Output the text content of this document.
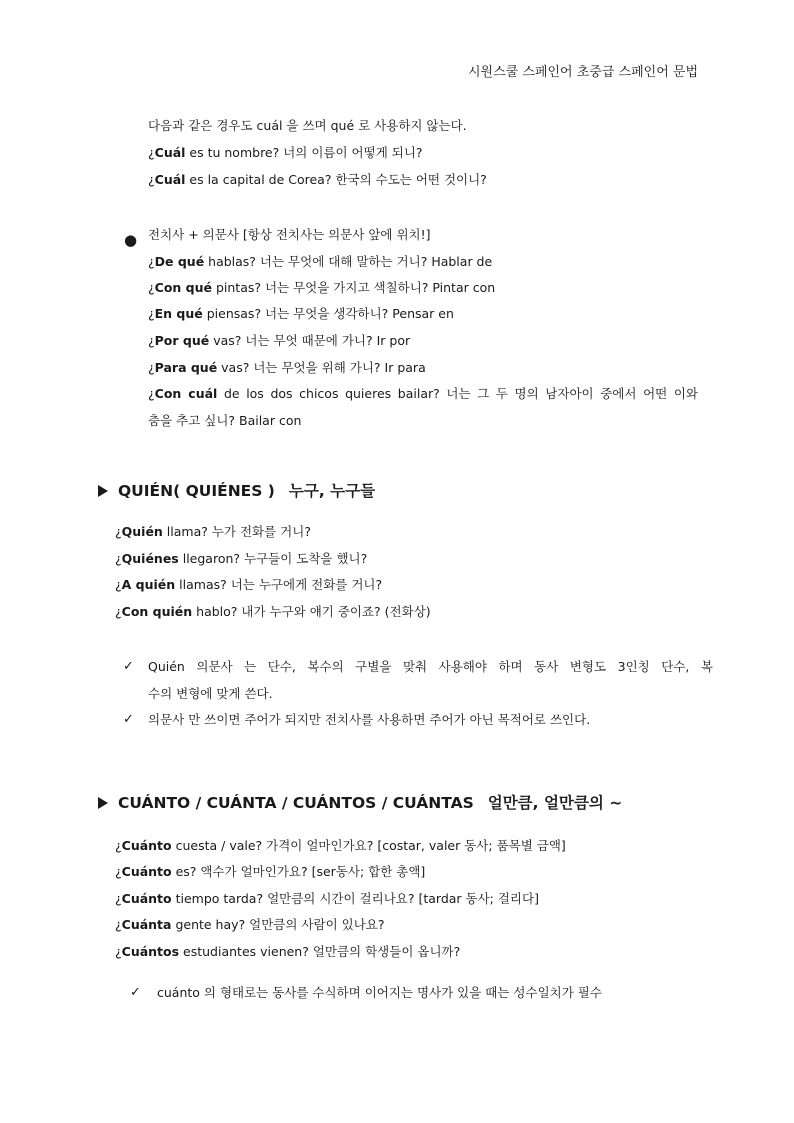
시원스쿨 스페인어 초중급 스페인어 문법
다음과 같은 경우도 cuál 을 쓰며 qué 로 사용하지 않는다.
¿Cuál es tu nombre? 너의 이름이 어떻게 되니?
¿Cuál es la capital de Corea? 한국의 수도는 어떤 것이니?
● 전치사 + 의문사 [항상 전치사는 의문사 앞에 위치!]
¿De qué hablas? 너는 무엇에 대해 말하는 거니? Hablar de
¿Con qué pintas? 너는 무엇을 가지고 색칠하니? Pintar con
¿En qué piensas? 너는 무엇을 생각하니? Pensar en
¿Por qué vas? 너는 무엇 때문에 가니? Ir por
¿Para qué vas? 너는 무엇을 위해 가니? Ir para
¿Con cuál de los dos chicos quieres bailar? 너는 그 두 명의 남자아이 중에서 어떤 이와
춤을 추고 싶니? Bailar con
QUIÉN( QUIÉNES ) 누구, 누구들
¿Quién llama? 누가 전화를 거니?
¿Quiénes llegaron? 누구들이 도착을 했니?
¿A quién llamas? 너는 누구에게 전화를 거니?
¿Con quién hablo? 내가 누구와 얘기 중이죠? (전화상)
✓ Quién 의문사 는 단수, 복수의 구별을 맞춰 사용해야 하며 동사 변형도 3인칭 단수, 복
수의 변형에 맞게 쓴다.
✓ 의문사 만 쓰이면 주어가 되지만 전치사를 사용하면 주어가 아닌 목적어로 쓰인다.
CUÁNTO / CUÁNTA / CUÁNTOS / CUÁNTAS 얼만큼, 얼만큼의 ~
¿Cuánto cuesta / vale? 가격이 얼마인가요? [costar, valer 동사; 품목별 금액]
¿Cuánto es? 액수가 얼마인가요? [ser동사; 합한 총액]
¿Cuánto tiempo tarda? 얼만큼의 시간이 걸리나요? [tardar 동사; 걸리다]
¿Cuánta gente hay? 얼만큼의 사람이 있나요?
¿Cuántos estudiantes vienen? 얼만큼의 학생들이 옵니까?
✓ cuánto 의 형태로는 동사를 수식하며 이어지는 명사가 있을 때는 성수일치가 필수
